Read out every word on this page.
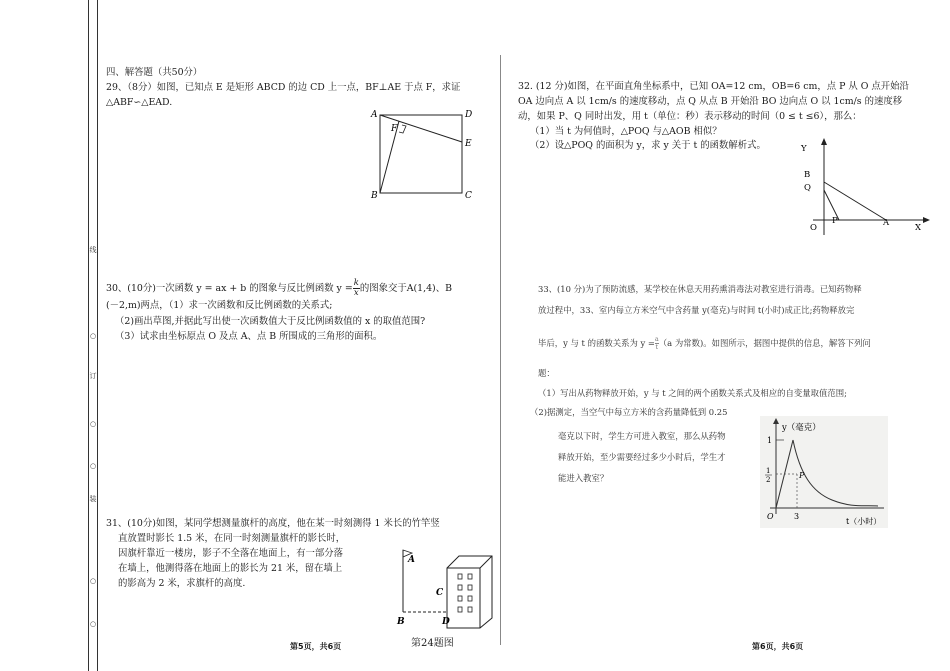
线
订
装
○
○
○
○
○
四、解答题（共50分）
29、（8分）如图，已知点 E 是矩形 ABCD 的边 CD 上一点，BF⊥AE 于点 F，求证
△ABF∽△EAD.
A	D
F
E
B	C
30、(10分)一次函数 y = ax + b 的图象与反比例函数 $y = \frac{k}{x}$ 的图象交于A(1,4)、B
(－2,m)两点，（1）求一次函数和反比例函数的关系式;
（2)画出草图,并据此写出使一次函数值大于反比例函数值的 x 的取值范围?
（3）试求由坐标原点 O 及点 A、点 B 所围成的三角形的面积。
31、(10分)如图，某同学想测量旗杆的高度，他在某一时刻测得 1 米长的竹竿竖
直放置时影长 1.5 米，在同一时刻测量旗杆的影长时，
因旗杆靠近一楼房，影子不全落在地面上，有一部分落
在墙上，他测得落在地面上的影长为 21 米，留在墙上
的影高为 2 米，求旗杆的高度.
A
B
C
D
第24题图
第5页，共6页
32. (12 分)如图，在平面直角坐标系中，已知 OA=12 cm，OB=6 cm，点 P 从 O 点开始沿
OA 边向点 A 以 1cm/s 的速度移动，点 Q 从点 B 开始沿 BO 边向点 O 以 1cm/s 的速度移
动，如果 P、Q 同时出发，用 t（单位：秒）表示移动的时间（0 ≤ t ≤6），那么：
（1）当 t 为何值时，△POQ 与△AOB 相似？
（2）设△POQ 的面积为 y，求 y 关于 t 的函数解析式。	Y
B
Q
O
P	A	X
33、(10 分)为了预防流感，某学校在休息天用药熏消毒法对教室进行消毒。已知药物释
放过程中，33、室内每立方米空气中含药量 y(毫克)与时间 t(小时)成正比;药物释放完
毕后，y 与 t 的函数关系为 $y = \frac{a}{t}(a$ 为常数)。如图所示，据图中提供的信息，解答下列问
题：
（1）写出从药物释放开始，y 与 t 之间的两个函数关系式及相应的自变量取值范围;
（2)据测定，当空气中每立方米的含药量降低到 0.25
毫克以下时，学生方可进入教室，那么从药物
释放开始，至少需要经过多少小时后，学生才
能进入教室？
y（毫克）
1
1
2	P
O	3
t（小时）
第6页，共6页
